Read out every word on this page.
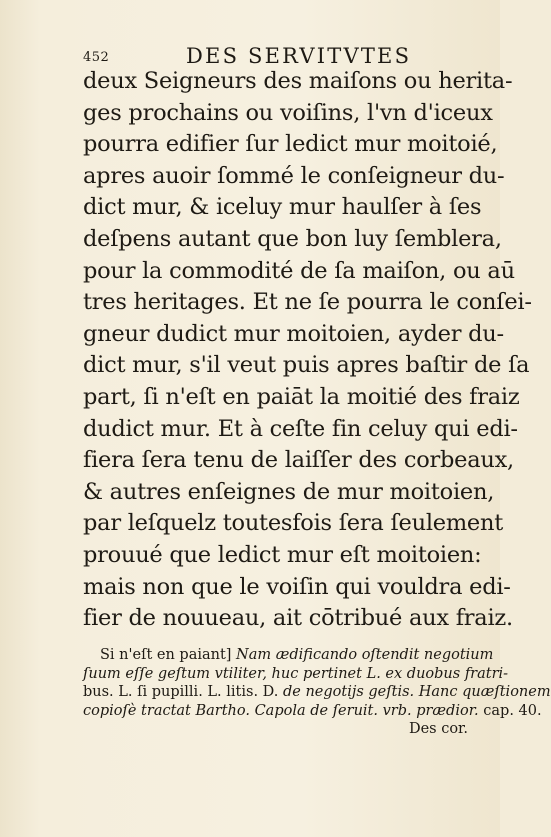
452	DES SERVITVTES
deux Seigneurs des maiſons ou herita-
ges prochains ou voiſins, l'vn d'iceux
pourra edifier ſur ledict mur moitoié,
apres auoir ſommé le conſeigneur du-
dict mur, & iceluy mur haulſer à ſes
deſpens autant que bon luy ſemblera,
pour la commodité de ſa maiſon, ou aū
tres heritages. Et ne ſe pourra le conſei-
gneur dudict mur moitoien, ayder du-
dict mur, s'il veut puis apres baſtir de ſa
part, ſi n'eſt en paiāt la moitié des fraiz
dudict mur. Et à ceſte fin celuy qui edi-
fiera ſera tenu de laiſſer des corbeaux,
& autres enſeignes de mur moitoien,
par leſquelz toutesfois ſera ſeulement
prouué que ledict mur eſt moitoien:
mais non que le voiſin qui vouldra edi-
fier de nouueau, ait cōtribué aux fraiz.
Si n'eſt en paiant] Nam ædificando oſtendit negotium
ſuum eſſe geſtum vtiliter, huc pertinet L. ex duobus fratri-
bus. L. ſi pupilli. L. litis. D. de negotijs geſtis. Hanc quæſtionem
copioſè tractat Bartho. Capola de ſeruit. vrb. prædior. cap. 40.
Des cor.
